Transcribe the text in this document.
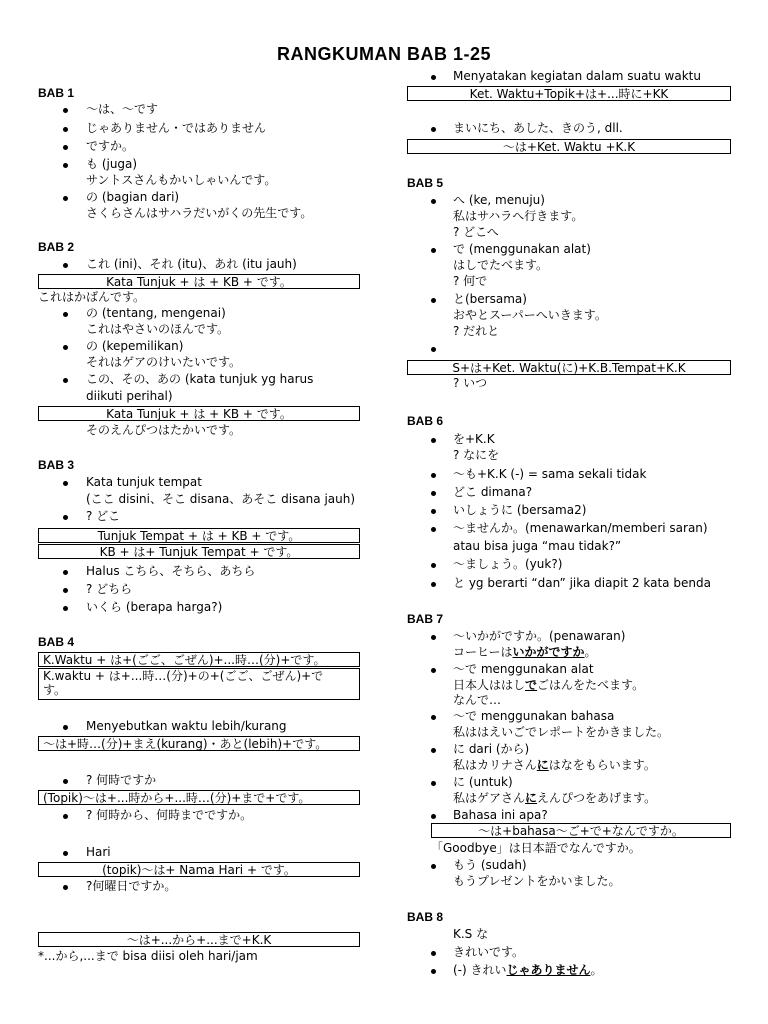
RANGKUMAN BAB 1-25
BAB 1
〜は、〜です
じゃありません・ではありません
ですか。
も (juga)
サントスさんもかいしゃいんです。
の (bagian dari)
さくらさんはサハラだいがくの先生です。
BAB 2
これ (ini)、それ (itu)、あれ (itu jauh)
Kata Tunjuk + は + KB + です。
これはかばんです。
の (tentang, mengenai)
これはやさいのほんです。
の (kepemilikan)
それはゲアのけいたいです。
この、その、あの (kata tunjuk yg harus
diikuti perihal)
Kata Tunjuk + は + KB + です。
そのえんぴつはたかいです。
BAB 3
Kata tunjuk tempat
(ここ disini、そこ disana、あそこ disana jauh)
? どこ
Tunjuk Tempat + は + KB + です。
KB + は+ Tunjuk Tempat + です。
Halus こちら、そちら、あちら
? どちら
いくら (berapa harga?)
BAB 4
K.Waktu + は+(ごご、ごぜん)+...時…(分)+です。
K.waktu + は+...時…(分)+の+(ごご、ごぜん)+で
す。
Menyebutkan waktu lebih/kurang
〜は+時…(分)+まえ(kurang)・あと(lebih)+です。
? 何時ですか
(Topik)〜は+...時から+...時…(分)+まで+です。
? 何時から、何時までですか。
Hari
(topik)〜は+ Nama Hari + です。
?何曜日ですか。
〜は+...から+...まで+K.K
*...から,...まで bisa diisi oleh hari/jam
Menyatakan kegiatan dalam suatu waktu
Ket. Waktu+Topik+は+...時に+KK
まいにち、あした、きのう, dll.
〜は+Ket. Waktu +K.K
BAB 5
へ (ke, menuju)
私はサハラへ行きます。
? どこへ
で (menggunakan alat)
はしでたべます。
? 何で
と(bersama)
おやとスーパーへいきます。
? だれと
S+は+Ket. Waktu(に)+K.B.Tempat+K.K
? いつ
BAB 6
を+K.K
? なにを
〜も+K.K (-) = sama sekali tidak
どこ dimana?
いしょうに (bersama2)
〜ませんか。(menawarkan/memberi saran)
atau bisa juga “mau tidak?”
〜ましょう。(yuk?)
と yg berarti “dan” jika diapit 2 kata benda
BAB 7
〜いかがですか。(penawaran)
コーヒーはいかがですか。
〜で menggunakan alat
日本人ははしでごはんをたべます。
なんで…
〜で menggunakan bahasa
私ははえいごでレポートをかきました。
に dari (から)
私はカリナさんにはなをもらいます。
に (untuk)
私はゲアさんにえんぴつをあげます。
Bahasa ini apa?
〜は+bahasa〜ご+で+なんですか。
「Goodbye」は日本語でなんですか。
もう (sudah)
もうプレゼントをかいました。
BAB 8
K.S な
きれいです。
(-) きれいじゃありません。
